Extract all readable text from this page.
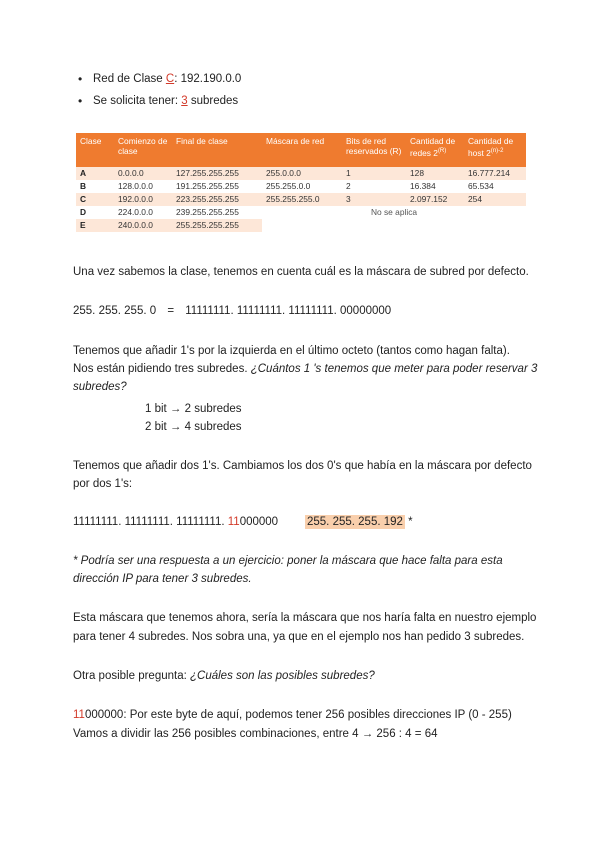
• Red de Clase C: 192.190.0.0
• Se solicita tener: 3 subredes
Clase	Comienzo de clase	Final de clase	Máscara de red	Bits de red reservados (R)	Cantidad de redes $2^{(R)}$	Cantidad de host $2^{(n)-2}$
A	0.0.0.0	127.255.255.255	255.0.0.0	1	128	16.777.214
B	128.0.0.0	191.255.255.255	255.255.0.0	2	16.384	65.534
C	192.0.0.0	223.255.255.255	255.255.255.0	3	2.097.152	254
D	224.0.0.0	239.255.255.255	No se aplica			
E	240.0.0.0	255.255.255.255				
Una vez sabemos la clase, tenemos en cuenta cuál es la máscara de subred por defecto.
255. 255. 255. 0 = 11111111. 11111111. 11111111. 00000000
Tenemos que añadir 1's por la izquierda en el último octeto (tantos como hagan falta).
Nos están pidiendo tres subredes. ¿Cuántos 1 's tenemos que meter para poder reservar 3
subredes?
1 bit → 2 subredes
2 bit → 4 subredes
Tenemos que añadir dos 1's. Cambiamos los dos 0's que había en la máscara por defecto
por dos 1's:
11111111. 11111111. 11111111. 11000000	255. 255. 255. 192 *
* Podría ser una respuesta a un ejercicio: poner la máscara que hace falta para esta
dirección IP para tener 3 subredes.
Esta máscara que tenemos ahora, sería la máscara que nos haría falta en nuestro ejemplo
para tener 4 subredes. Nos sobra una, ya que en el ejemplo nos han pedido 3 subredes.
Otra posible pregunta: ¿Cuáles son las posibles subredes?
11000000: Por este byte de aquí, podemos tener 256 posibles direcciones IP (0 - 255)
Vamos a dividir las 256 posibles combinaciones, entre 4 → 256 : 4 = 64
